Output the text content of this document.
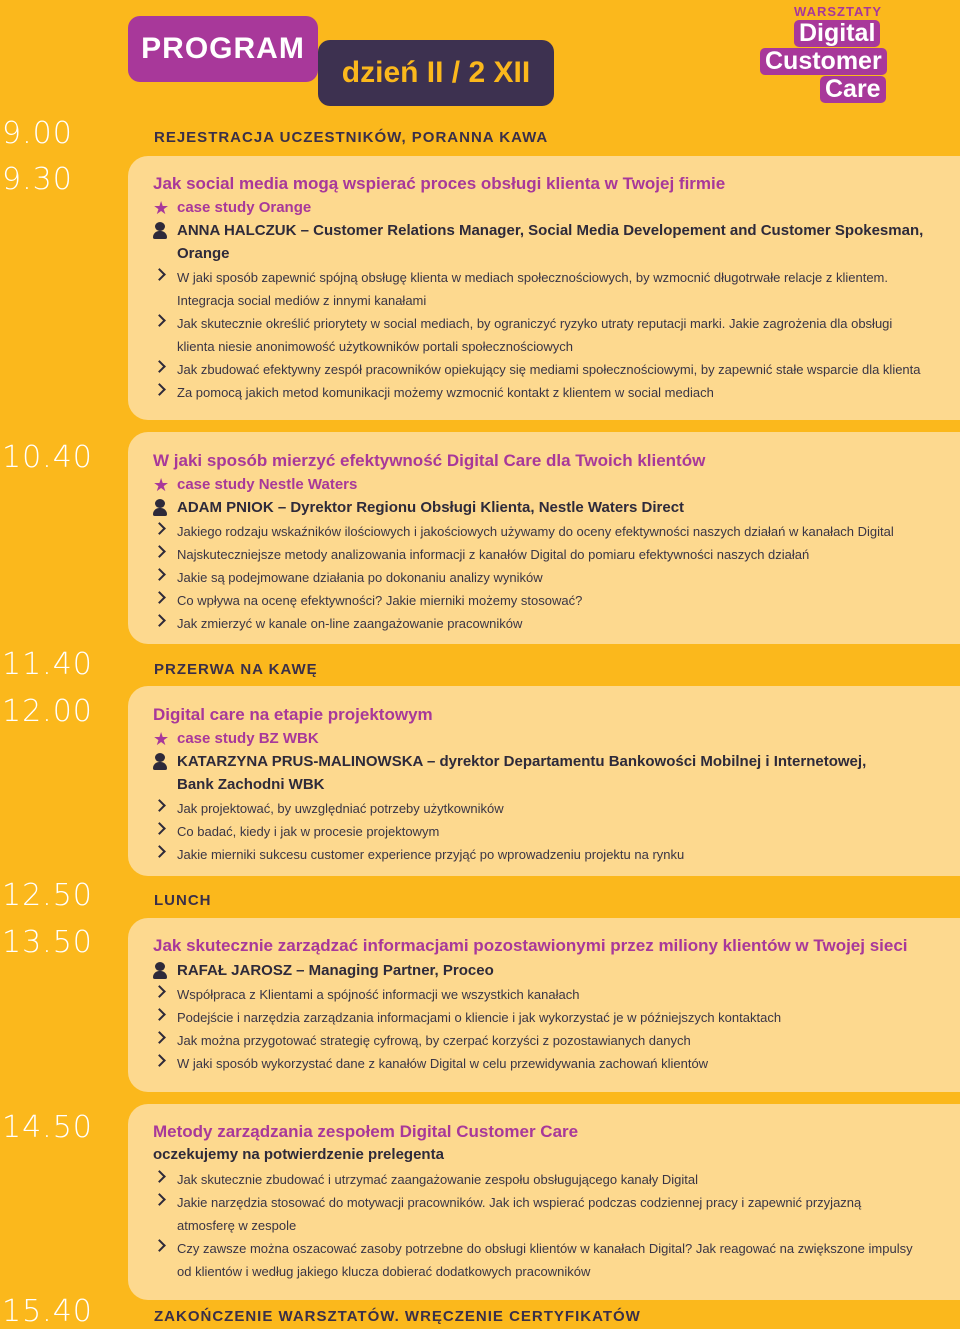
PROGRAM
dzień II / 2 XII
WARSZTATY
Digital
Customer
Care
9.00	REJESTRACJA UCZESTNIKÓW, PORANNA KAWA
9.30	Jak social media mogą wspierać proces obsługi klienta w Twojej firmie
★ case study Orange
ANNA HALCZUK – Customer Relations Manager, Social Media Developement and Customer Spokesman,
Orange
W jaki sposób zapewnić spójną obsługę klienta w mediach społecznościowych, by wzmocnić długotrwałe relacje z klientem.
Integracja social mediów z innymi kanałami
Jak skutecznie określić priorytety w social mediach, by ograniczyć ryzyko utraty reputacji marki. Jakie zagrożenia dla obsługi
klienta niesie anonimowość użytkowników portali społecznościowych
Jak zbudować efektywny zespół pracowników opiekujący się mediami społecznościowymi, by zapewnić stałe wsparcie dla klienta
Za pomocą jakich metod komunikacji możemy wzmocnić kontakt z klientem w social mediach
10.40	W jaki sposób mierzyć efektywność Digital Care dla Twoich klientów
★ case study Nestle Waters
ADAM PNIOK – Dyrektor Regionu Obsługi Klienta, Nestle Waters Direct
Jakiego rodzaju wskaźników ilościowych i jakościowych używamy do oceny efektywności naszych działań w kanałach Digital
Najskuteczniejsze metody analizowania informacji z kanałów Digital do pomiaru efektywności naszych działań
Jakie są podejmowane działania po dokonaniu analizy wyników
Co wpływa na ocenę efektywności? Jakie mierniki możemy stosować?
Jak zmierzyć w kanale on-line zaangażowanie pracowników
11.40	PRZERWA NA KAWĘ
12.00	Digital care na etapie projektowym
★ case study BZ WBK
KATARZYNA PRUS-MALINOWSKA – dyrektor Departamentu Bankowości Mobilnej i Internetowej,
Bank Zachodni WBK
Jak projektować, by uwzględniać potrzeby użytkowników
Co badać, kiedy i jak w procesie projektowym
Jakie mierniki sukcesu customer experience przyjąć po wprowadzeniu projektu na rynku
12.50	LUNCH
13.50	Jak skutecznie zarządzać informacjami pozostawionymi przez miliony klientów w Twojej sieci
RAFAŁ JAROSZ – Managing Partner, Proceo
Współpraca z Klientami a spójność informacji we wszystkich kanałach
Podejście i narzędzia zarządzania informacjami o kliencie i jak wykorzystać je w późniejszych kontaktach
Jak można przygotować strategię cyfrową, by czerpać korzyści z pozostawianych danych
W jaki sposób wykorzystać dane z kanałów Digital w celu przewidywania zachowań klientów
14.50	Metody zarządzania zespołem Digital Customer Care
oczekujemy na potwierdzenie prelegenta
Jak skutecznie zbudować i utrzymać zaangażowanie zespołu obsługującego kanały Digital
Jakie narzędzia stosować do motywacji pracowników. Jak ich wspierać podczas codziennej pracy i zapewnić przyjazną
atmosferę w zespole
Czy zawsze można oszacować zasoby potrzebne do obsługi klientów w kanałach Digital? Jak reagować na zwiększone impulsy
od klientów i według jakiego klucza dobierać dodatkowych pracowników
15.40	ZAKOŃCZENIE WARSZTATÓW. WRĘCZENIE CERTYFIKATÓW
